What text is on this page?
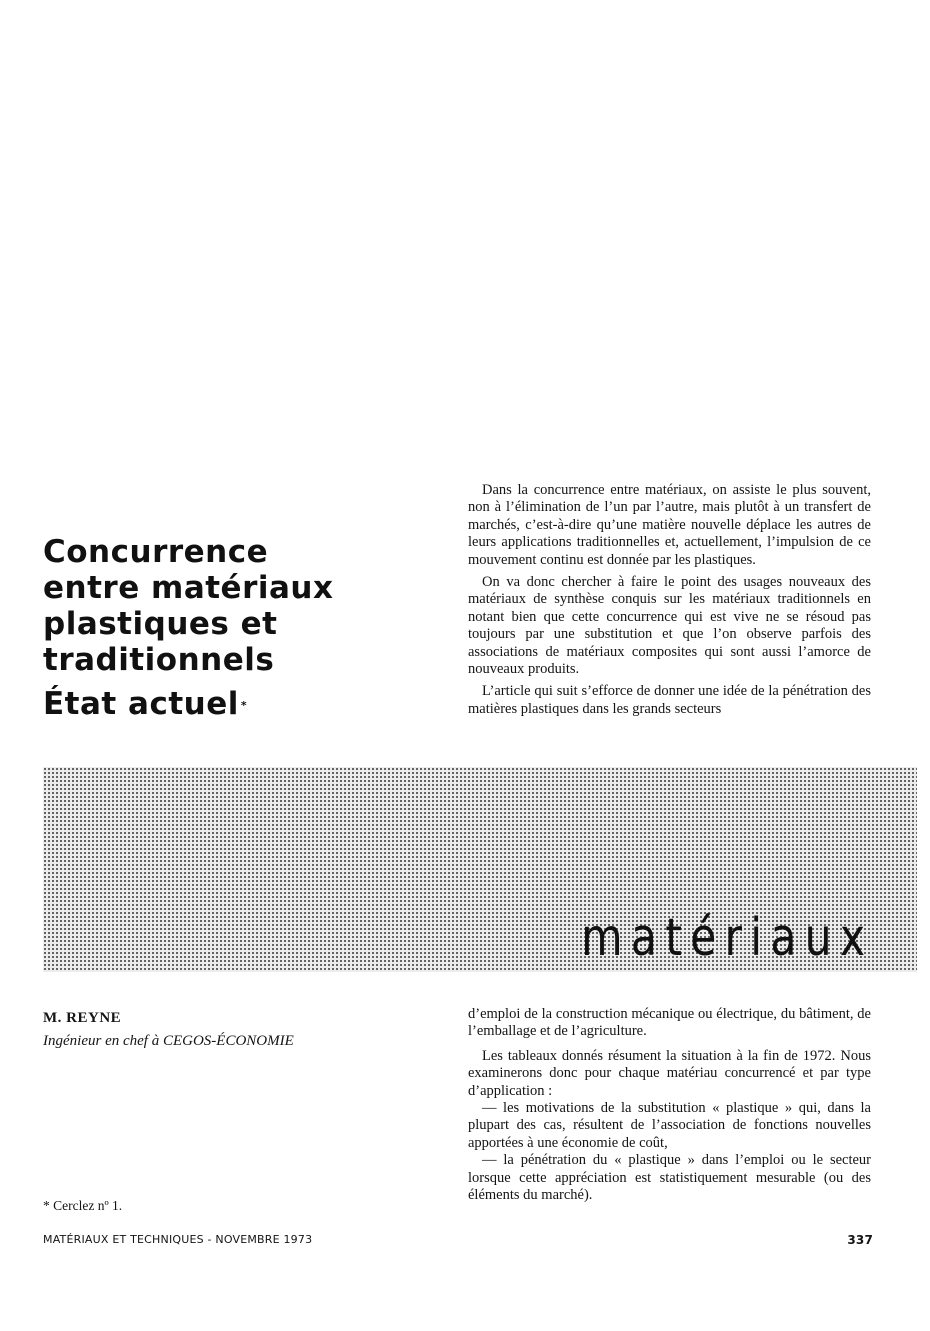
Concurrence
entre matériaux
plastiques et
traditionnels
État actuel *

Dans la concurrence entre matériaux, on assiste le plus souvent, non à l’élimination de l’un par l’autre, mais plutôt à un transfert de marchés, c’est-à-dire qu’une matière nouvelle déplace les autres de leurs applications traditionnelles et, actuellement, l’impulsion de ce mouvement continu est donnée par les plastiques.

On va donc chercher à faire le point des usages nouveaux des matériaux de synthèse conquis sur les matériaux traditionnels en notant bien que cette concurrence qui est vive ne se résoud pas toujours par une substitution et que l’on observe parfois des associations de matériaux composites qui sont aussi l’amorce de nouveaux produits.

L’article qui suit s’efforce de donner une idée de la pénétration des matières plastiques dans les grands secteurs

matériaux
M. REYNE
Ingénieur en chef à CEGOS-ÉCONOMIE
* Cerclez nº 1.

d’emploi de la construction mécanique ou électrique, du bâtiment, de l’emballage et de l’agriculture.

Les tableaux donnés résument la situation à la fin de 1972. Nous examinerons donc pour chaque matériau concurrencé et par type d’application :

— les motivations de la substitution « plastique » qui, dans la plupart des cas, résultent de l’association de fonctions nouvelles apportées à une économie de coût,

— la pénétration du « plastique » dans l’emploi ou le secteur lorsque cette appréciation est statistiquement mesurable (ou des éléments du marché).

MATÉRIAUX ET TECHNIQUES - NOVEMBRE 1973	337
